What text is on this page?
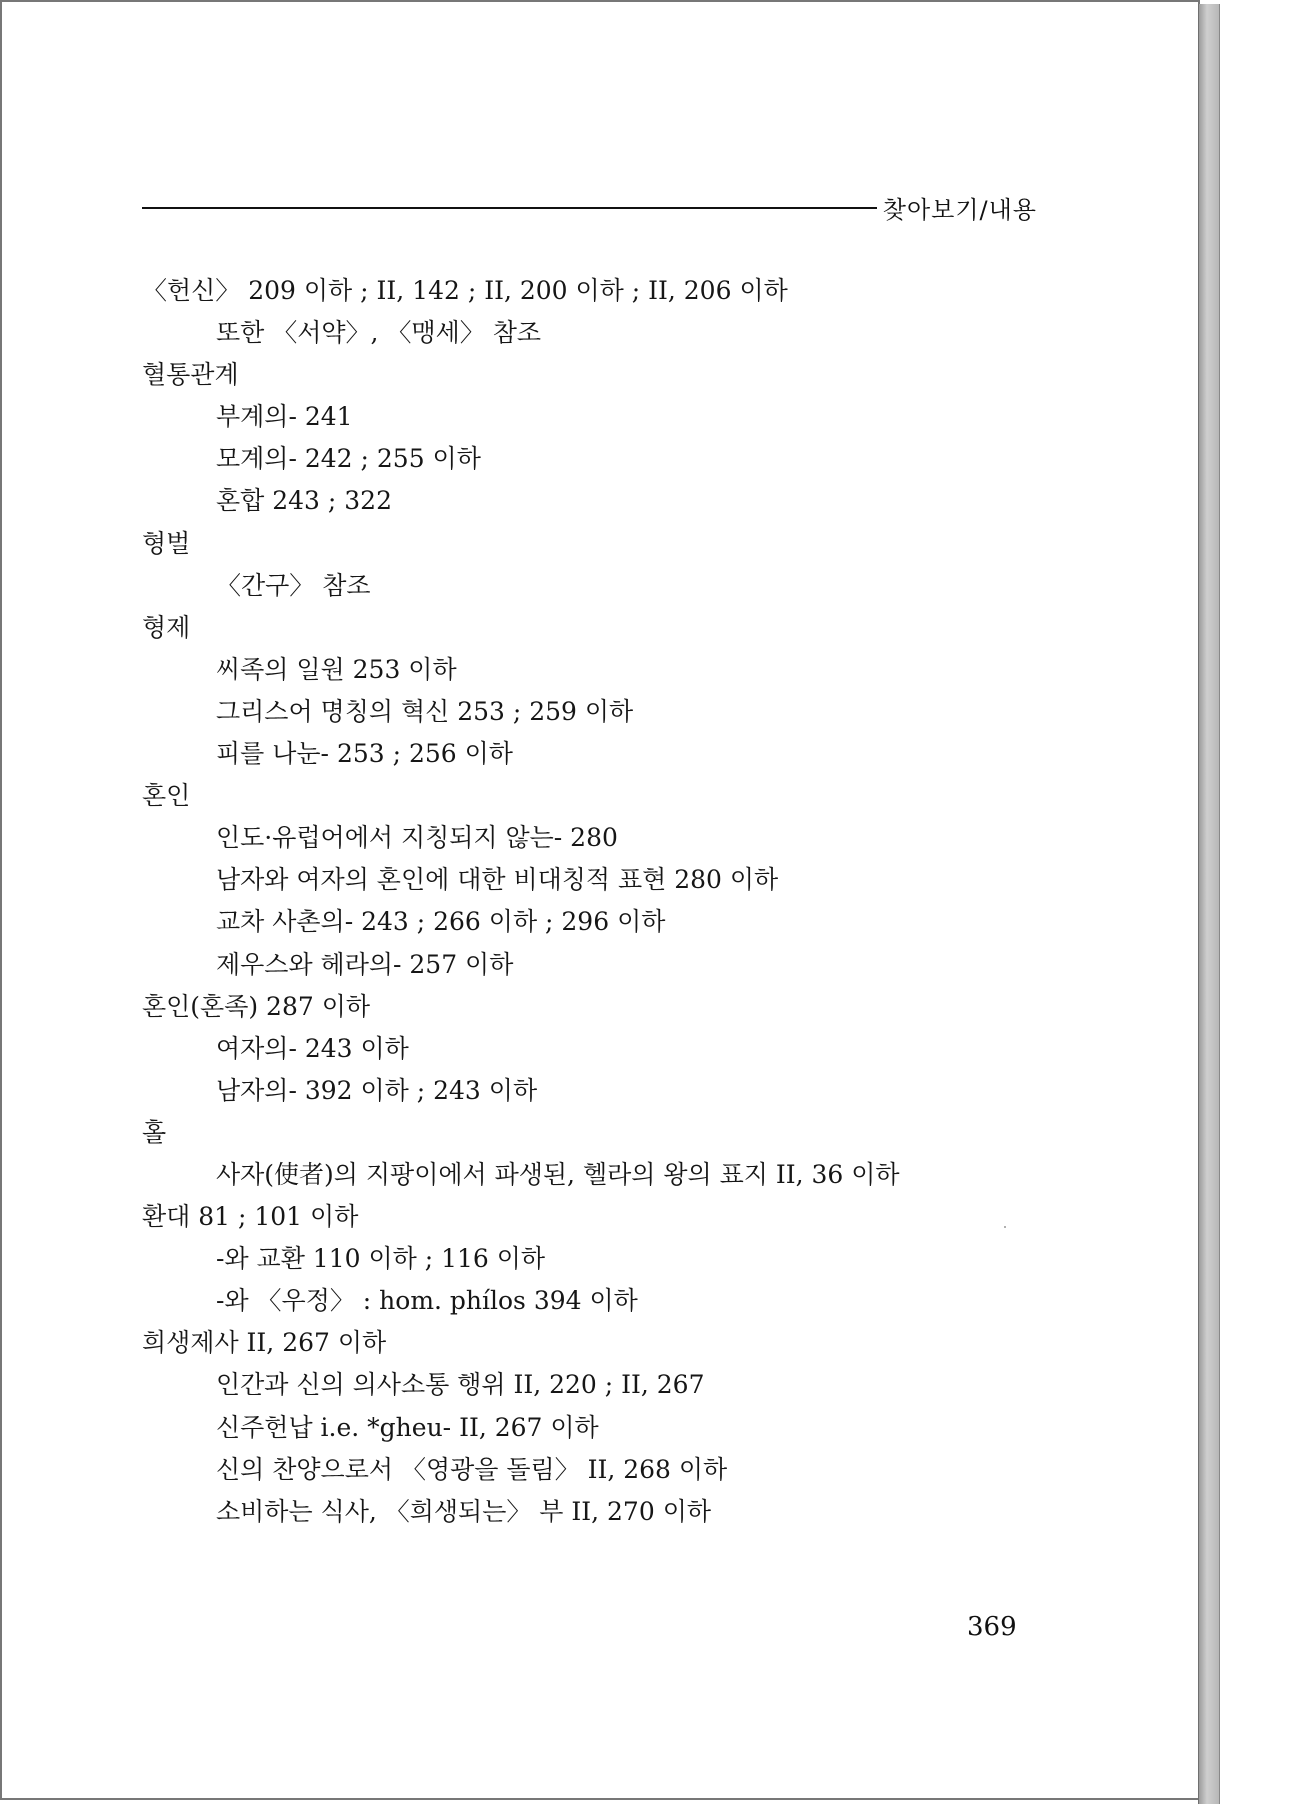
찾아보기/내용
〈헌신〉 209 이하 ; II, 142 ; II, 200 이하 ; II, 206 이하
또한 〈서약〉, 〈맹세〉 참조
혈통관계
부계의- 241
모계의- 242 ; 255 이하
혼합 243 ; 322
형벌
〈간구〉 참조
형제
씨족의 일원 253 이하
그리스어 명칭의 혁신 253 ; 259 이하
피를 나눈- 253 ; 256 이하
혼인
인도·유럽어에서 지칭되지 않는- 280
남자와 여자의 혼인에 대한 비대칭적 표현 280 이하
교차 사촌의- 243 ; 266 이하 ; 296 이하
제우스와 헤라의- 257 이하
혼인(혼족) 287 이하
여자의- 243 이하
남자의- 392 이하 ; 243 이하
홀
사자(使者)의 지팡이에서 파생된, 헬라의 왕의 표지 II, 36 이하
환대 81 ; 101 이하
-와 교환 110 이하 ; 116 이하
-와 〈우정〉 : hom. phílos 394 이하
희생제사 II, 267 이하
인간과 신의 의사소통 행위 II, 220 ; II, 267
신주헌납 i.e. *gheu- II, 267 이하
신의 찬양으로서 〈영광을 돌림〉 II, 268 이하
소비하는 식사, 〈희생되는〉 부 II, 270 이하
369
